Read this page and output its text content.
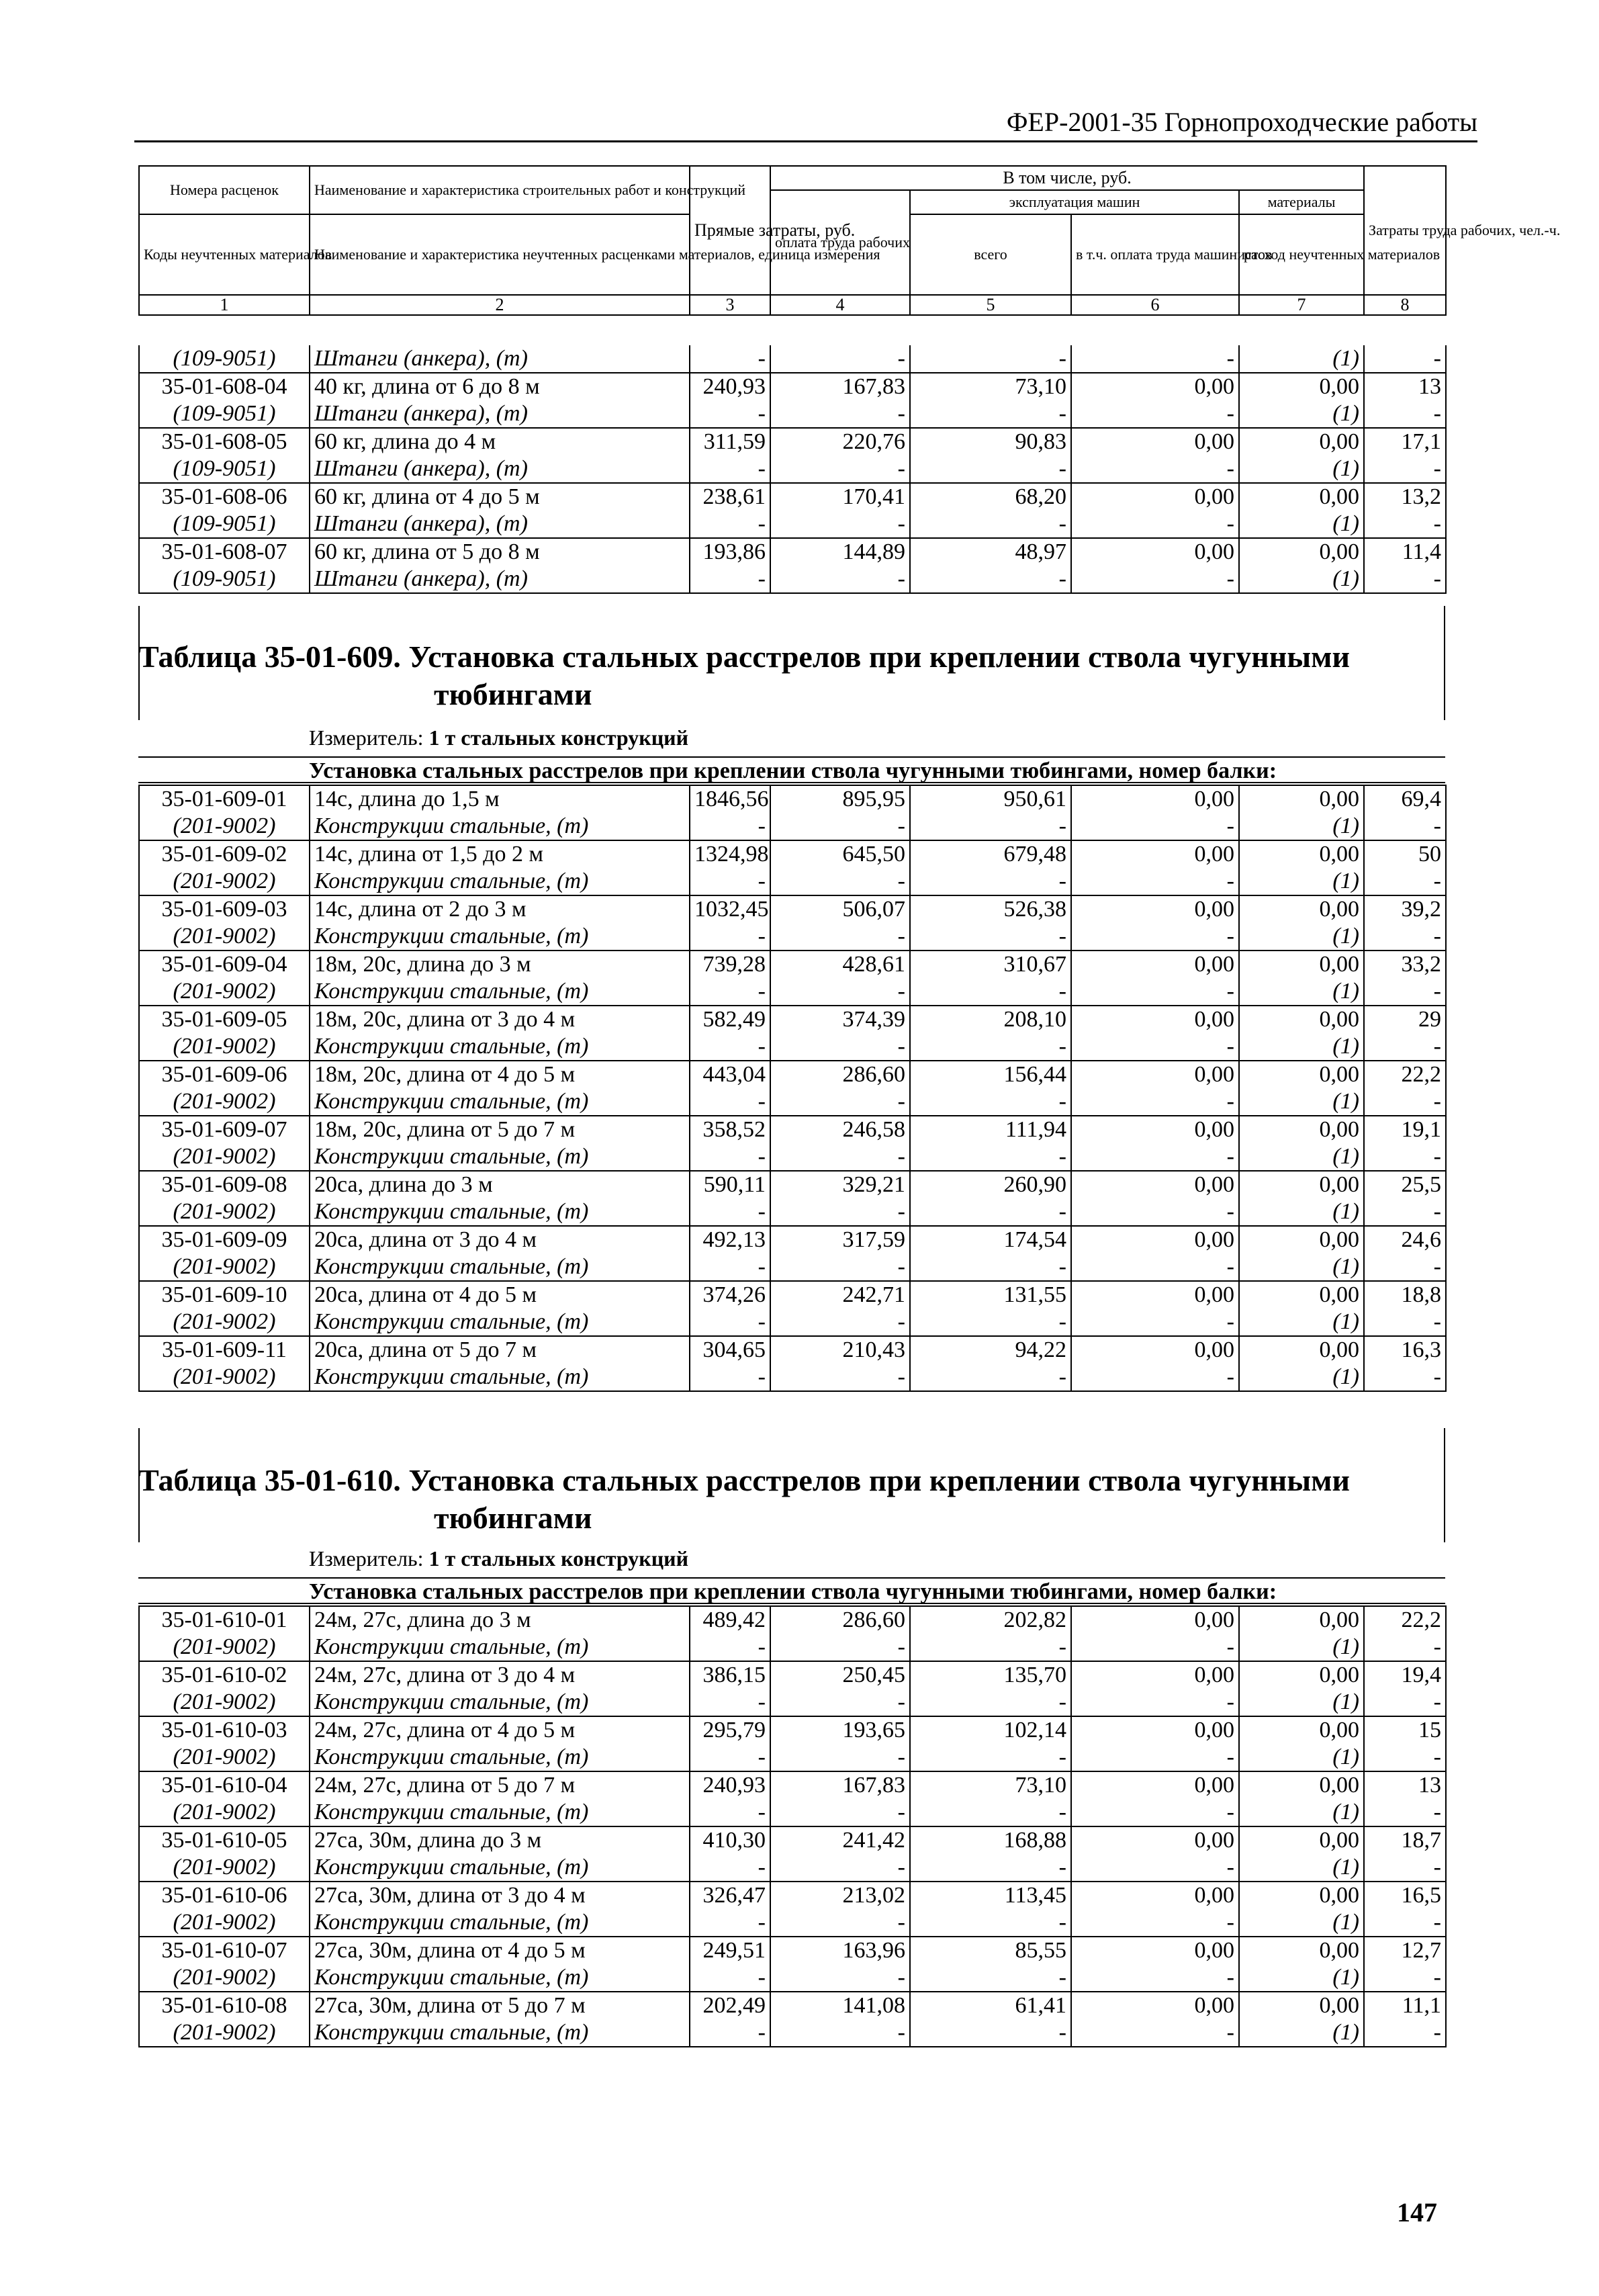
ФЕР-2001-35 Горнопроходческие работы
Номера расценок	Наименование и характеристика строительных работ и конструкций	Прямые затраты, руб.	В том числе, руб.				Затраты труда рабочих, чел.-ч.
			оплата труда рабочих	эксплуатация машин		материалы	
Коды неучтенных материалов	Наименование и характеристика неучтенных расценками материалов, единица измерения			всего	в т.ч. оплата труда машинистов	расход неучтенных материалов	

1	2	3	4	5	6	7	8
(109-9051)	Штанги (анкера), (т)	-	-	-	-	(1)	-
35-01-608-04	40 кг, длина от 6 до 8 м	240,93	167,83	73,10	0,00	0,00	13
(109-9051)	Штанги (анкера), (т)	-	-	-	-	(1)	-
35-01-608-05	60 кг, длина до 4 м	311,59	220,76	90,83	0,00	0,00	17,1
(109-9051)	Штанги (анкера), (т)	-	-	-	-	(1)	-
35-01-608-06	60 кг, длина от 4 до 5 м	238,61	170,41	68,20	0,00	0,00	13,2
(109-9051)	Штанги (анкера), (т)	-	-	-	-	(1)	-
35-01-608-07	60 кг, длина от 5 до 8 м	193,86	144,89	48,97	0,00	0,00	11,4
(109-9051)	Штанги (анкера), (т)	-	-	-	-	(1)	-
Таблица 35-01-609. Установка стальных расстрелов при креплении ствола чугунными
тюбингами
Измеритель: 1 т стальных конструкций
Установка стальных расстрелов при креплении ствола чугунными тюбингами, номер балки:
35-01-609-01	14с, длина до 1,5 м	1846,56	895,95	950,61	0,00	0,00	69,4
(201-9002)	Конструкции стальные, (т)	-	-	-	-	(1)	-
35-01-609-02	14с, длина от 1,5 до 2 м	1324,98	645,50	679,48	0,00	0,00	50
(201-9002)	Конструкции стальные, (т)	-	-	-	-	(1)	-
35-01-609-03	14с, длина от 2 до 3 м	1032,45	506,07	526,38	0,00	0,00	39,2
(201-9002)	Конструкции стальные, (т)	-	-	-	-	(1)	-
35-01-609-04	18м, 20с, длина до 3 м	739,28	428,61	310,67	0,00	0,00	33,2
(201-9002)	Конструкции стальные, (т)	-	-	-	-	(1)	-
35-01-609-05	18м, 20с, длина от 3 до 4 м	582,49	374,39	208,10	0,00	0,00	29
(201-9002)	Конструкции стальные, (т)	-	-	-	-	(1)	-
35-01-609-06	18м, 20с, длина от 4 до 5 м	443,04	286,60	156,44	0,00	0,00	22,2
(201-9002)	Конструкции стальные, (т)	-	-	-	-	(1)	-
35-01-609-07	18м, 20с, длина от 5 до 7 м	358,52	246,58	111,94	0,00	0,00	19,1
(201-9002)	Конструкции стальные, (т)	-	-	-	-	(1)	-
35-01-609-08	20са, длина до 3 м	590,11	329,21	260,90	0,00	0,00	25,5
(201-9002)	Конструкции стальные, (т)	-	-	-	-	(1)	-
35-01-609-09	20са, длина от 3 до 4 м	492,13	317,59	174,54	0,00	0,00	24,6
(201-9002)	Конструкции стальные, (т)	-	-	-	-	(1)	-
35-01-609-10	20са, длина от 4 до 5 м	374,26	242,71	131,55	0,00	0,00	18,8
(201-9002)	Конструкции стальные, (т)	-	-	-	-	(1)	-
35-01-609-11	20са, длина от 5 до 7 м	304,65	210,43	94,22	0,00	0,00	16,3
(201-9002)	Конструкции стальные, (т)	-	-	-	-	(1)	-
Таблица 35-01-610. Установка стальных расстрелов при креплении ствола чугунными
тюбингами
Измеритель: 1 т стальных конструкций
Установка стальных расстрелов при креплении ствола чугунными тюбингами, номер балки:
35-01-610-01	24м, 27с, длина до 3 м	489,42	286,60	202,82	0,00	0,00	22,2
(201-9002)	Конструкции стальные, (т)	-	-	-	-	(1)	-
35-01-610-02	24м, 27с, длина от 3 до 4 м	386,15	250,45	135,70	0,00	0,00	19,4
(201-9002)	Конструкции стальные, (т)	-	-	-	-	(1)	-
35-01-610-03	24м, 27с, длина от 4 до 5 м	295,79	193,65	102,14	0,00	0,00	15
(201-9002)	Конструкции стальные, (т)	-	-	-	-	(1)	-
35-01-610-04	24м, 27с, длина от 5 до 7 м	240,93	167,83	73,10	0,00	0,00	13
(201-9002)	Конструкции стальные, (т)	-	-	-	-	(1)	-
35-01-610-05	27са, 30м, длина до 3 м	410,30	241,42	168,88	0,00	0,00	18,7
(201-9002)	Конструкции стальные, (т)	-	-	-	-	(1)	-
35-01-610-06	27са, 30м, длина от 3 до 4 м	326,47	213,02	113,45	0,00	0,00	16,5
(201-9002)	Конструкции стальные, (т)	-	-	-	-	(1)	-
35-01-610-07	27са, 30м, длина от 4 до 5 м	249,51	163,96	85,55	0,00	0,00	12,7
(201-9002)	Конструкции стальные, (т)	-	-	-	-	(1)	-
35-01-610-08	27са, 30м, длина от 5 до 7 м	202,49	141,08	61,41	0,00	0,00	11,1
(201-9002)	Конструкции стальные, (т)	-	-	-	-	(1)	-
147
